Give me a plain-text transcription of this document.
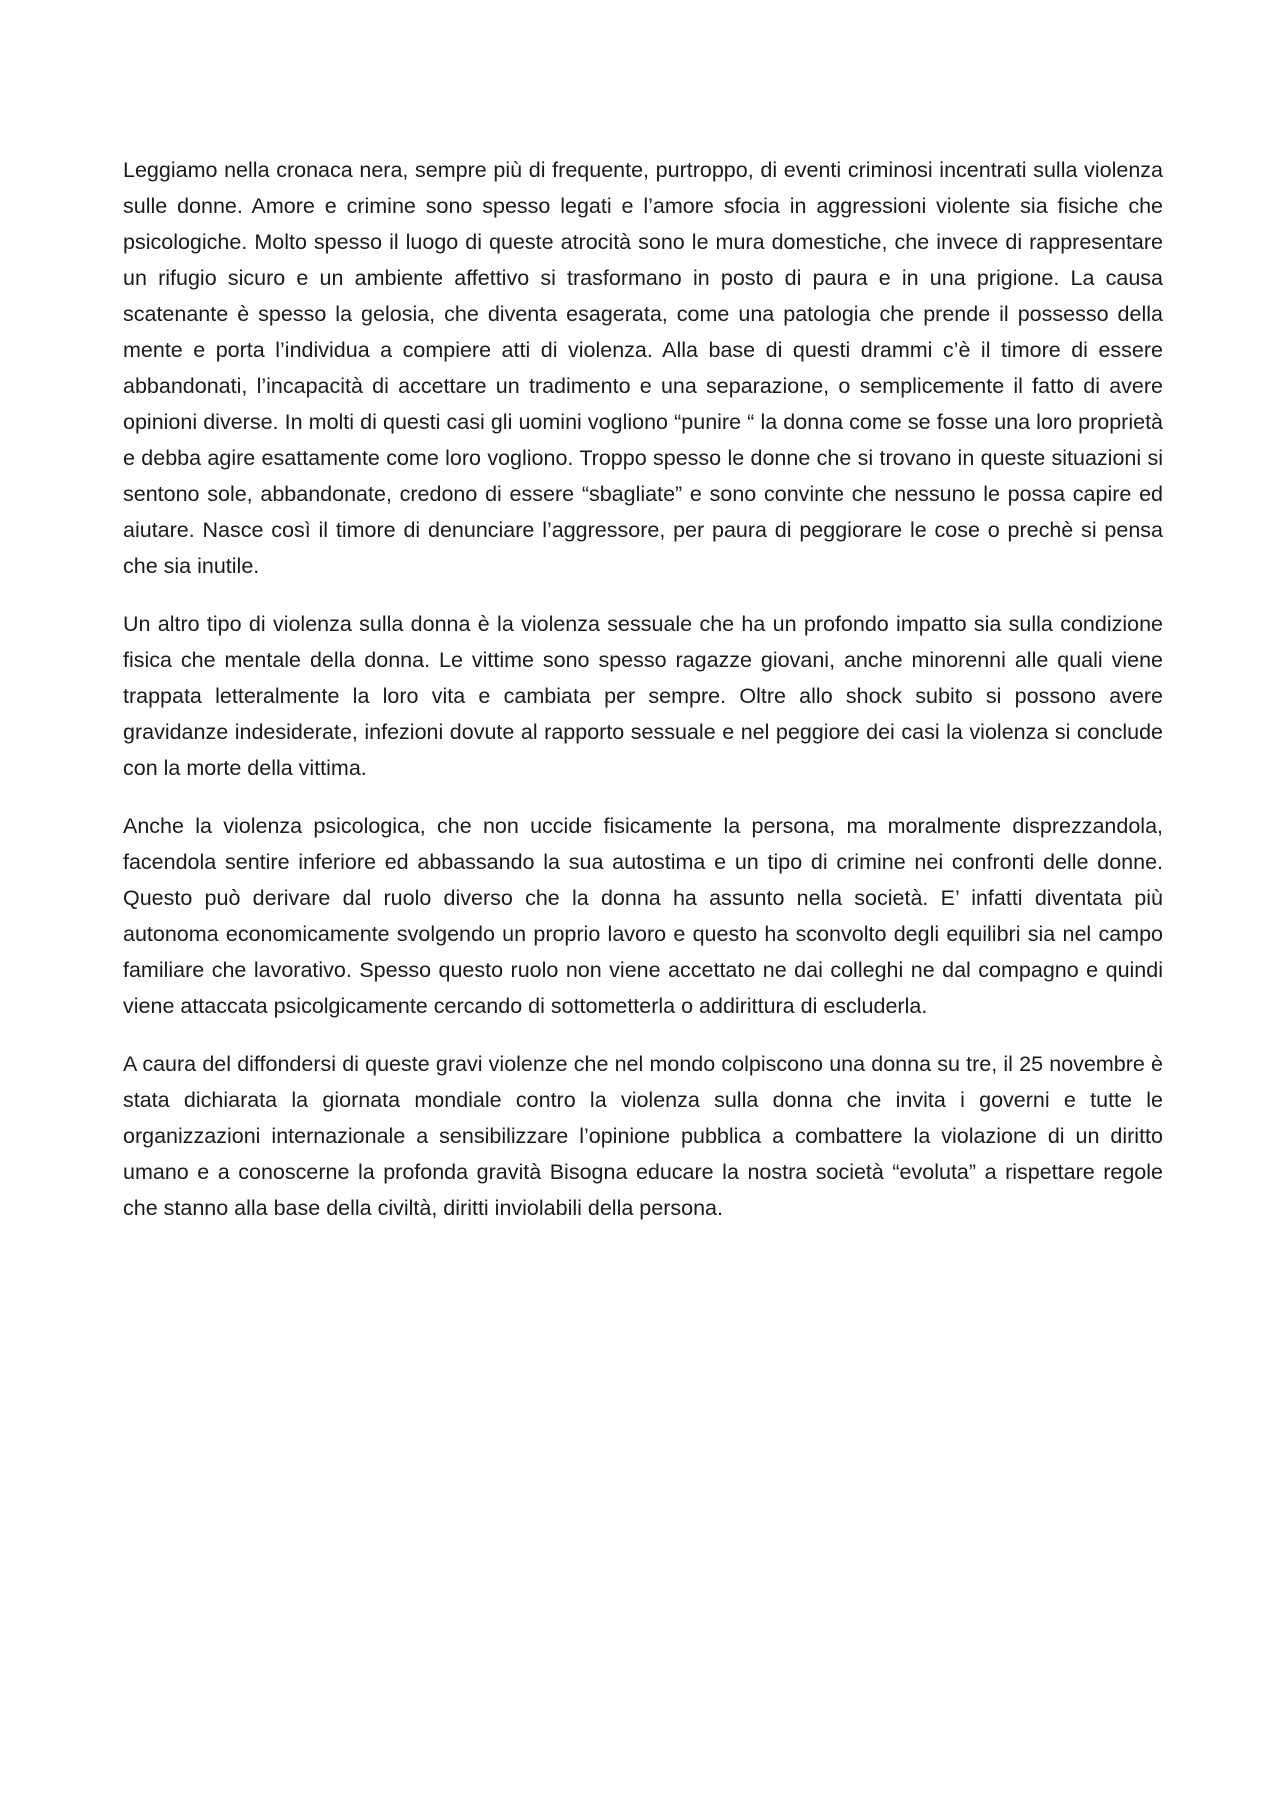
Leggiamo nella cronaca nera, sempre più di frequente, purtroppo, di eventi criminosi incentrati sulla violenza sulle donne. Amore e crimine sono spesso legati e l’amore sfocia in aggressioni violente sia fisiche che psicologiche. Molto spesso il luogo di queste atrocità sono le mura domestiche, che invece di rappresentare un rifugio sicuro e un ambiente affettivo si trasformano in posto di paura e in una prigione. La causa scatenante è spesso la gelosia, che diventa esagerata, come una patologia che prende il possesso della mente e porta l’individua a compiere atti di violenza. Alla base di questi drammi c’è il timore di essere abbandonati, l’incapacità di accettare un tradimento e una separazione, o semplicemente il fatto di avere opinioni diverse. In molti di questi casi gli uomini vogliono “punire “ la donna come se fosse una loro proprietà e debba agire esattamente come loro vogliono. Troppo spesso le donne che si trovano in queste situazioni si sentono sole, abbandonate, credono di essere “sbagliate” e sono convinte che nessuno le possa capire ed aiutare. Nasce così il timore di denunciare l’aggressore, per paura di peggiorare le cose o prechè si pensa che sia inutile.

Un altro tipo di violenza sulla donna è la violenza sessuale che ha un profondo impatto sia sulla condizione fisica che mentale della donna. Le vittime sono spesso ragazze giovani, anche minorenni alle quali viene trappata letteralmente la loro vita e cambiata per sempre. Oltre allo shock subito si possono avere gravidanze indesiderate, infezioni dovute al rapporto sessuale e nel peggiore dei casi la violenza si conclude con la morte della vittima.

Anche la violenza psicologica, che non uccide fisicamente la persona, ma moralmente disprezzandola, facendola sentire inferiore ed abbassando la sua autostima e un tipo di crimine nei confronti delle donne. Questo può derivare dal ruolo diverso che la donna ha assunto nella società. E’ infatti diventata più autonoma economicamente svolgendo un proprio lavoro e questo ha sconvolto degli equilibri sia nel campo familiare che lavorativo. Spesso questo ruolo non viene accettato ne dai colleghi ne dal compagno e quindi viene attaccata psicolgicamente cercando di sottometterla o addirittura di escluderla.

A caura del diffondersi di queste gravi violenze che nel mondo colpiscono una donna su tre, il 25 novembre è stata dichiarata la giornata mondiale contro la violenza sulla donna che invita i governi e tutte le organizzazioni internazionale a sensibilizzare l’opinione pubblica a combattere la violazione di un diritto umano e a conoscerne la profonda gravità Bisogna educare la nostra società “evoluta” a rispettare regole che stanno alla base della civiltà, diritti inviolabili della persona.
